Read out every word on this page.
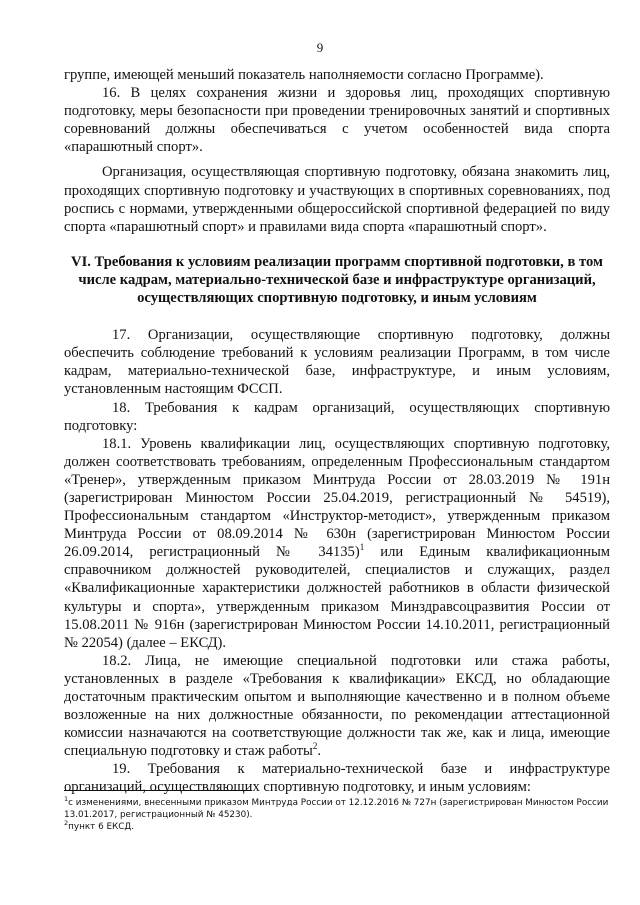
9

группе, имеющей меньший показатель наполняемости согласно Программе).

16. В целях сохранения жизни и здоровья лиц, проходящих спортивную подготовку, меры безопасности при проведении тренировочных занятий и спортивных соревнований должны обеспечиваться с учетом особенностей вида спорта «парашютный спорт».

Организация, осуществляющая спортивную подготовку, обязана знакомить лиц, проходящих спортивную подготовку и участвующих в спортивных соревнованиях, под роспись с нормами, утвержденными общероссийской спортивной федерацией по виду спорта «парашютный спорт» и правилами вида спорта «парашютный спорт».

VI. Требования к условиям реализации программ спортивной подготовки, в том числе кадрам, материально-технической базе и инфраструктуре организаций, осуществляющих спортивную подготовку, и иным условиям

17. Организации, осуществляющие спортивную подготовку, должны обеспечить соблюдение требований к условиям реализации Программ, в том числе кадрам, материально-технической базе, инфраструктуре, и иным условиям, установленным настоящим ФССП.

18. Требования к кадрам организаций, осуществляющих спортивную подготовку:

18.1. Уровень квалификации лиц, осуществляющих спортивную подготовку, должен соответствовать требованиям, определенным Профессиональным стандартом «Тренер», утвержденным приказом Минтруда России от 28.03.2019 № 191н (зарегистрирован Минюстом России 25.04.2019, регистрационный № 54519), Профессиональным стандартом «Инструктор-методист», утвержденным приказом Минтруда России от 08.09.2014 № 630н (зарегистрирован Минюстом России 26.09.2014, регистрационный № 34135)$^1$ или Единым квалификационным справочником должностей руководителей, специалистов и служащих, раздел «Квалификационные характеристики должностей работников в области физической культуры и спорта», утвержденным приказом Минздравсоцразвития России от 15.08.2011 № 916н (зарегистрирован Минюстом России 14.10.2011, регистрационный № 22054) (далее – ЕКСД).

18.2. Лица, не имеющие специальной подготовки или стажа работы, установленных в разделе «Требования к квалификации» ЕКСД, но обладающие достаточным практическим опытом и выполняющие качественно и в полном объеме возложенные на них должностные обязанности, по рекомендации аттестационной комиссии назначаются на соответствующие должности так же, как и лица, имеющие специальную подготовку и стаж работы$^2$.

19. Требования к материально-технической базе и инфраструктуре организаций, осуществляющих спортивную подготовку, и иным условиям:

$^1$с изменениями, внесенными приказом Минтруда России от 12.12.2016 № 727н (зарегистрирован Минюстом России 13.01.2017, регистрационный № 45230).
$^2$пункт 6 ЕКСД.
